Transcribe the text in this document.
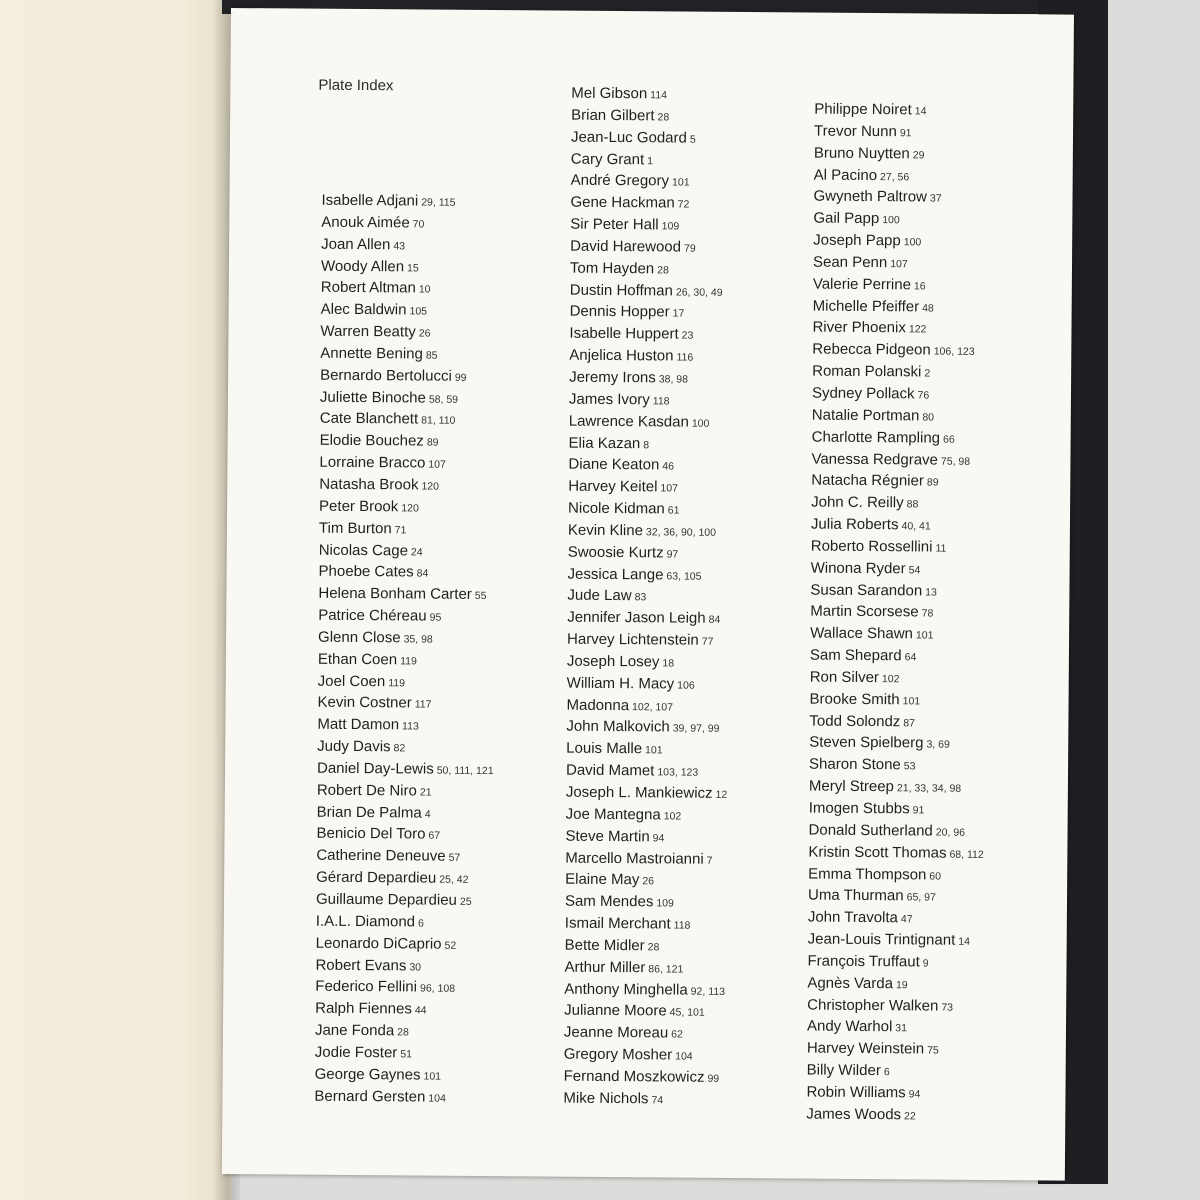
Plate Index
Isabelle Adjani 29, 115
Anouk Aimée 70
Joan Allen 43
Woody Allen 15
Robert Altman 10
Alec Baldwin 105
Warren Beatty 26
Annette Bening 85
Bernardo Bertolucci 99
Juliette Binoche 58, 59
Cate Blanchett 81, 110
Elodie Bouchez 89
Lorraine Bracco 107
Natasha Brook 120
Peter Brook 120
Tim Burton 71
Nicolas Cage 24
Phoebe Cates 84
Helena Bonham Carter 55
Patrice Chéreau 95
Glenn Close 35, 98
Ethan Coen 119
Joel Coen 119
Kevin Costner 117
Matt Damon 113
Judy Davis 82
Daniel Day-Lewis 50, 111, 121
Robert De Niro 21
Brian De Palma 4
Benicio Del Toro 67
Catherine Deneuve 57
Gérard Depardieu 25, 42
Guillaume Depardieu 25
I.A.L. Diamond 6
Leonardo DiCaprio 52
Robert Evans 30
Federico Fellini 96, 108
Ralph Fiennes 44
Jane Fonda 28
Jodie Foster 51
George Gaynes 101
Bernard Gersten 104
Mel Gibson 114
Brian Gilbert 28
Jean-Luc Godard 5
Cary Grant 1
André Gregory 101
Gene Hackman 72
Sir Peter Hall 109
David Harewood 79
Tom Hayden 28
Dustin Hoffman 26, 30, 49
Dennis Hopper 17
Isabelle Huppert 23
Anjelica Huston 116
Jeremy Irons 38, 98
James Ivory 118
Lawrence Kasdan 100
Elia Kazan 8
Diane Keaton 46
Harvey Keitel 107
Nicole Kidman 61
Kevin Kline 32, 36, 90, 100
Swoosie Kurtz 97
Jessica Lange 63, 105
Jude Law 83
Jennifer Jason Leigh 84
Harvey Lichtenstein 77
Joseph Losey 18
William H. Macy 106
Madonna 102, 107
John Malkovich 39, 97, 99
Louis Malle 101
David Mamet 103, 123
Joseph L. Mankiewicz 12
Joe Mantegna 102
Steve Martin 94
Marcello Mastroianni 7
Elaine May 26
Sam Mendes 109
Ismail Merchant 118
Bette Midler 28
Arthur Miller 86, 121
Anthony Minghella 92, 113
Julianne Moore 45, 101
Jeanne Moreau 62
Gregory Mosher 104
Fernand Moszkowicz 99
Mike Nichols 74
Philippe Noiret 14
Trevor Nunn 91
Bruno Nuytten 29
Al Pacino 27, 56
Gwyneth Paltrow 37
Gail Papp 100
Joseph Papp 100
Sean Penn 107
Valerie Perrine 16
Michelle Pfeiffer 48
River Phoenix 122
Rebecca Pidgeon 106, 123
Roman Polanski 2
Sydney Pollack 76
Natalie Portman 80
Charlotte Rampling 66
Vanessa Redgrave 75, 98
Natacha Régnier 89
John C. Reilly 88
Julia Roberts 40, 41
Roberto Rossellini 11
Winona Ryder 54
Susan Sarandon 13
Martin Scorsese 78
Wallace Shawn 101
Sam Shepard 64
Ron Silver 102
Brooke Smith 101
Todd Solondz 87
Steven Spielberg 3, 69
Sharon Stone 53
Meryl Streep 21, 33, 34, 98
Imogen Stubbs 91
Donald Sutherland 20, 96
Kristin Scott Thomas 68, 112
Emma Thompson 60
Uma Thurman 65, 97
John Travolta 47
Jean-Louis Trintignant 14
François Truffaut 9
Agnès Varda 19
Christopher Walken 73
Andy Warhol 31
Harvey Weinstein 75
Billy Wilder 6
Robin Williams 94
James Woods 22
